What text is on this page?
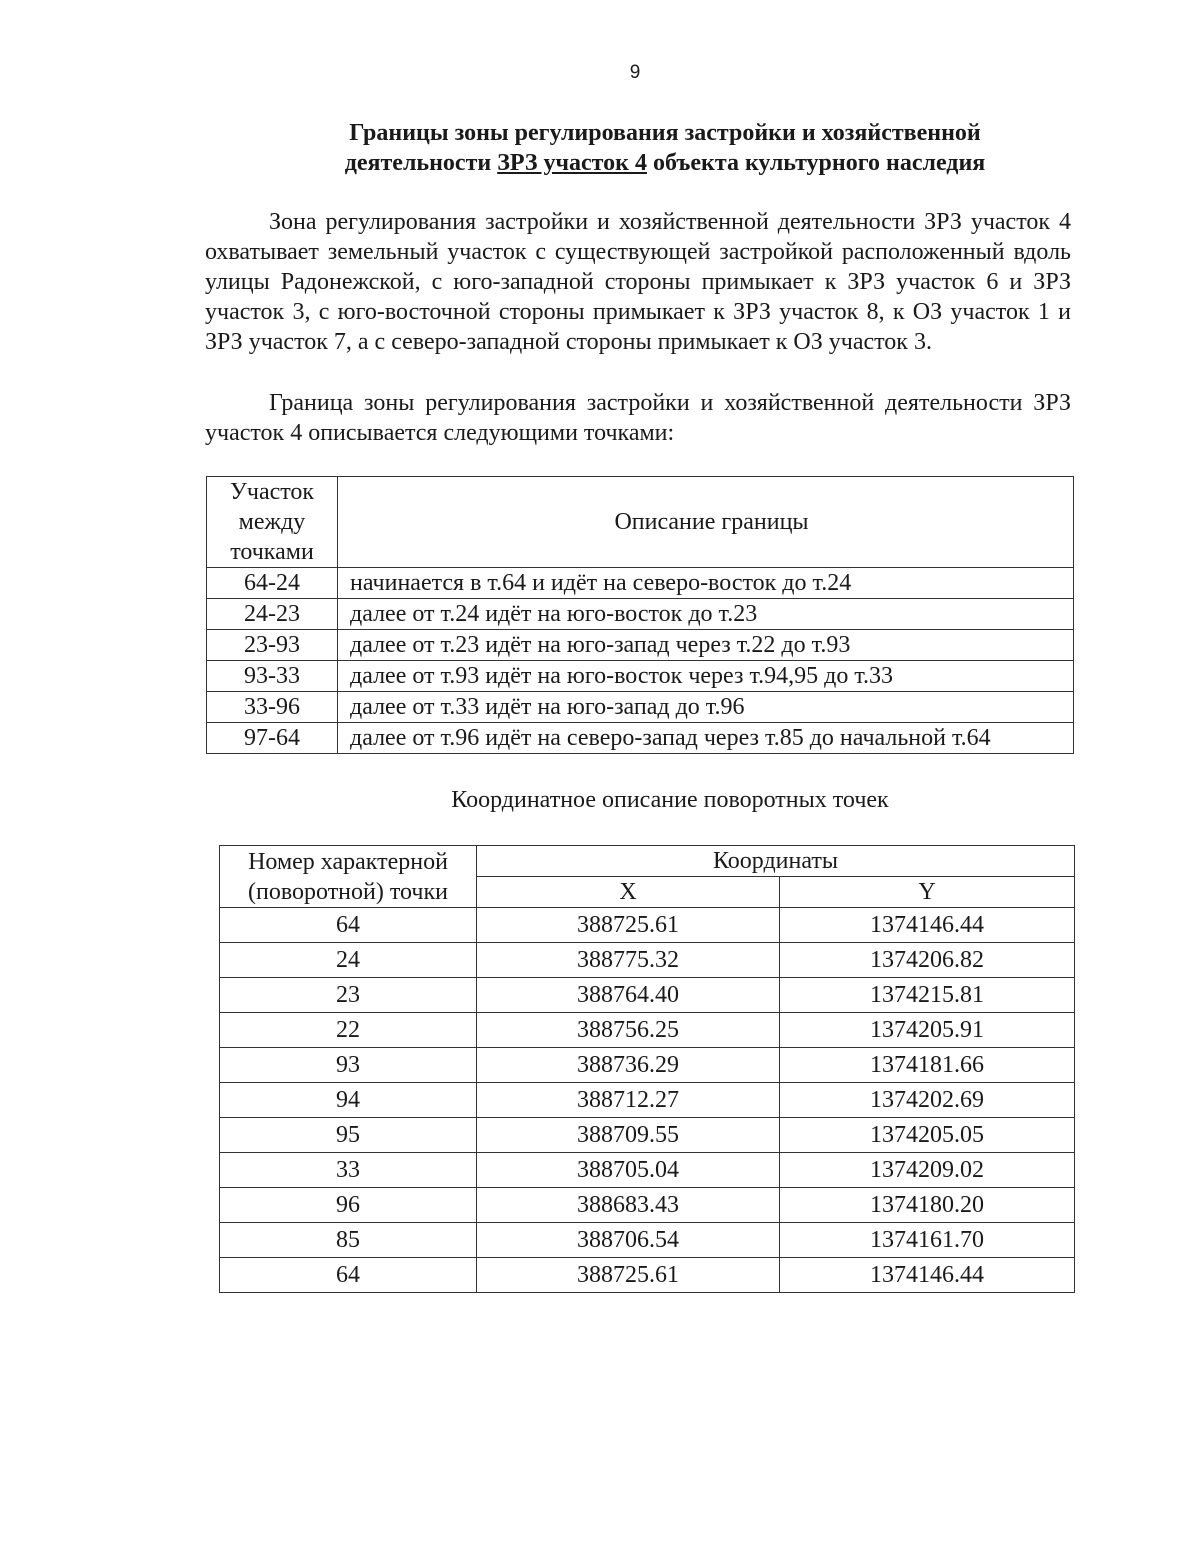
9
Границы зоны регулирования застройки и хозяйственной
деятельности ЗРЗ участок 4 объекта культурного наследия

Зона регулирования застройки и хозяйственной деятельности ЗРЗ участок 4 охватывает земельный участок с существующей застройкой расположенный вдоль улицы Радонежской, с юго-западной стороны примыкает к ЗРЗ участок 6 и ЗРЗ участок 3, с юго-восточной стороны примыкает к ЗРЗ участок 8, к ОЗ участок 1 и ЗРЗ участок 7, а с северо-западной стороны примыкает к ОЗ участок 3.

Граница зоны регулирования застройки и хозяйственной деятельности ЗРЗ участок 4 описывается следующими точками:

Участок между точками	Описание границы
64-24	начинается в т.64 и идёт на северо-восток до т.24
24-23	далее от т.24 идёт на юго-восток до т.23
23-93	далее от т.23 идёт на юго-запад через т.22 до т.93
93-33	далее от т.93 идёт на юго-восток через т.94,95 до т.33
33-96	далее от т.33 идёт на юго-запад до т.96
97-64	далее от т.96 идёт на северо-запад через т.85 до начальной т.64
Координатное описание поворотных точек
Номер характерной (поворотной) точки	Координаты	
	X	Y
64	388725.61	1374146.44
24	388775.32	1374206.82
23	388764.40	1374215.81
22	388756.25	1374205.91
93	388736.29	1374181.66
94	388712.27	1374202.69
95	388709.55	1374205.05
33	388705.04	1374209.02
96	388683.43	1374180.20
85	388706.54	1374161.70
64	388725.61	1374146.44
